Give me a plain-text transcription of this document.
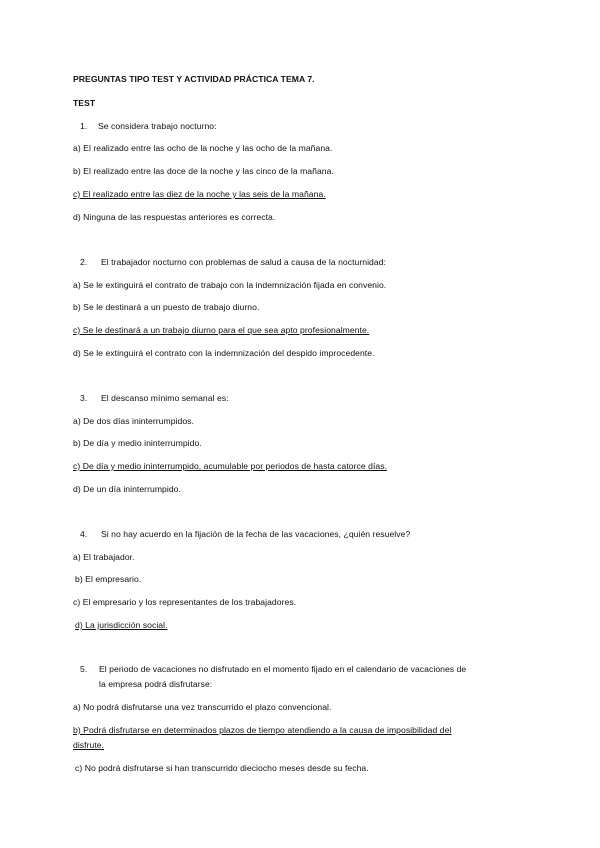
PREGUNTAS TIPO TEST Y ACTIVIDAD PRÁCTICA TEMA 7.
TEST
1. Se considera trabajo nocturno:
a) El realizado entre las ocho de la noche y las ocho de la mañana.
b) El realizado entre las doce de la noche y las cinco de la mañana.
c) El realizado entre las diez de la noche y las seis de la mañana.
d) Ninguna de las respuestas anteriores es correcta.
2. El trabajador nocturno con problemas de salud a causa de la nocturnidad:
a) Se le extinguirá el contrato de trabajo con la indemnización fijada en convenio.
b) Se le destinará a un puesto de trabajo diurno.
c) Se le destinará a un trabajo diurno para el que sea apto profesionalmente.
d) Se le extinguirá el contrato con la indemnización del despido improcedente.
3. El descanso mínimo semanal es:
a) De dos días ininterrumpidos.
b) De día y medio ininterrumpido.
c) De día y medio ininterrumpido, acumulable por periodos de hasta catorce días.
d) De un día ininterrumpido.
4. Si no hay acuerdo en la fijación de la fecha de las vacaciones, ¿quién resuelve?
a) El trabajador.
b) El empresario.
c) El empresario y los representantes de los trabajadores.
d) La jurisdicción social.
5. El periodo de vacaciones no disfrutado en el momento fijado en el calendario de vacaciones de
la empresa podrá disfrutarse:
a) No podrá disfrutarse una vez transcurrido el plazo convencional.
b) Podrá disfrutarse en determinados plazos de tiempo atendiendo a la causa de imposibilidad del
disfrute.
c) No podrá disfrutarse si han transcurrido dieciocho meses desde su fecha.
